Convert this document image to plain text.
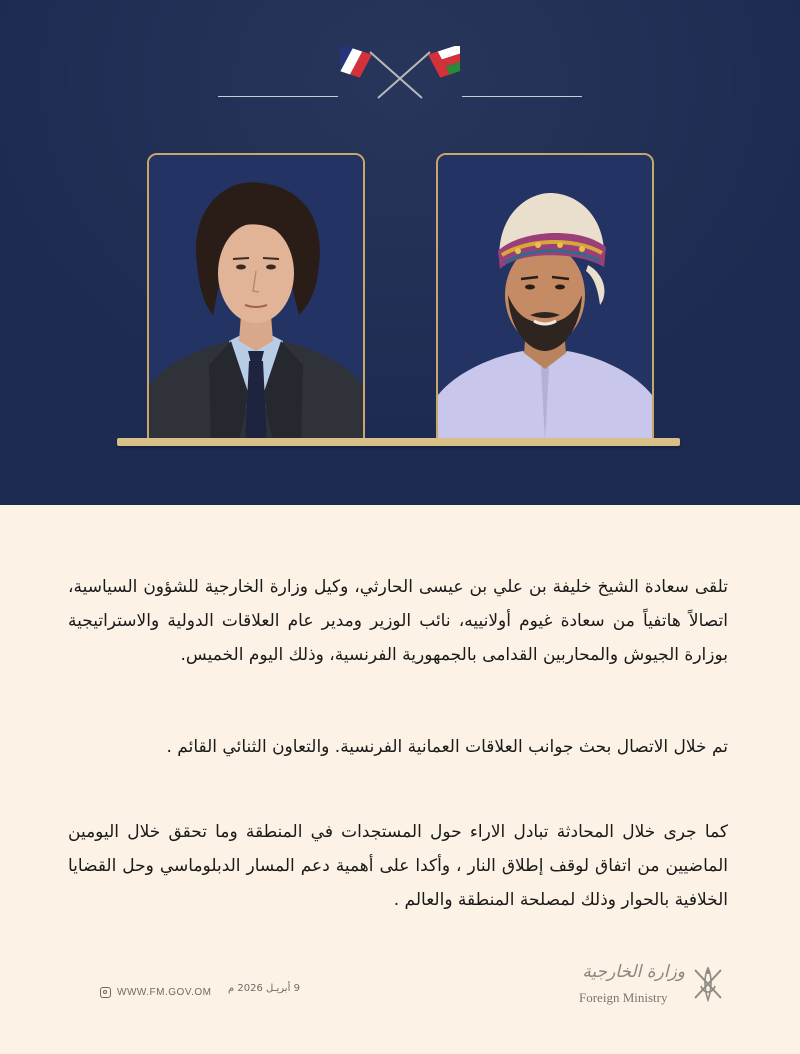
تلقى سعادة الشيخ خليفة بن علي بن عيسى الحارثي، وكيل وزارة الخارجية للشؤون السياسية، اتصالاً هاتفياً من سعادة غيوم أولانييه، نائب الوزير ومدير عام العلاقات الدولية والاستراتيجية بوزارة الجيوش والمحاربين القدامى بالجمهورية الفرنسية، وذلك اليوم الخميس.
تم خلال الاتصال بحث جوانب العلاقات العمانية الفرنسية. والتعاون الثنائي القائم .
كما جرى خلال المحادثة تبادل الاراء حول المستجدات في المنطقة وما تحقق خلال اليومين الماضيين من اتفاق لوقف إطلاق النار ، وأكدا على أهمية دعم المسار الدبلوماسي وحل القضايا الخلافية بالحوار وذلك لمصلحة المنطقة والعالم .
WWW.FM.GOV.OM 9 أبريـل 2026 م
وزارة الخارجية
Foreign Ministry
